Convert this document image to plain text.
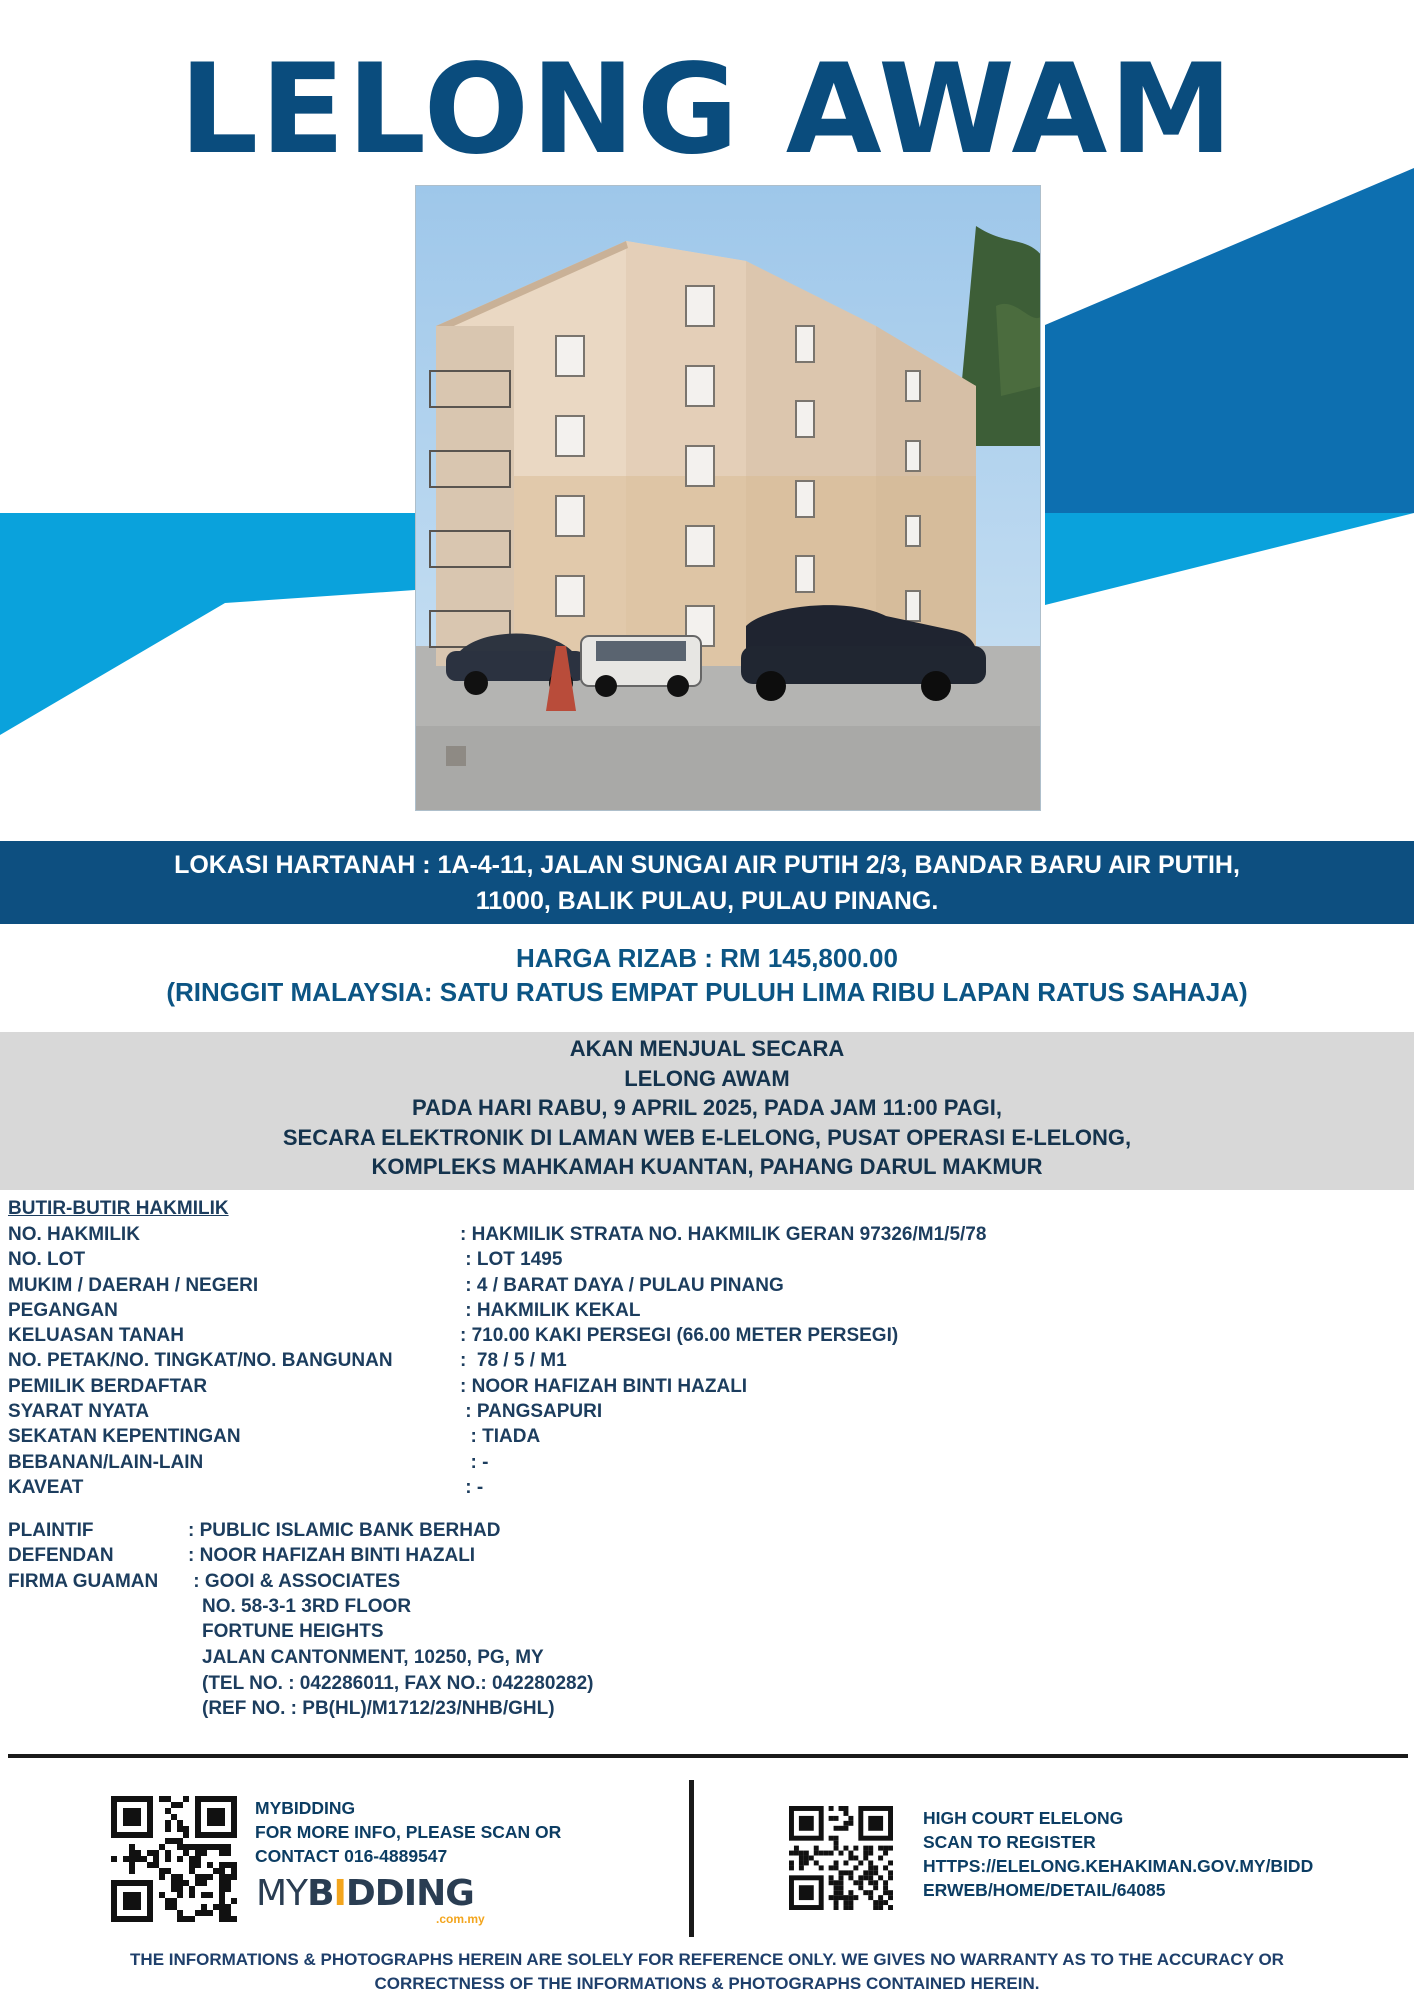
LELONG AWAM
LOKASI HARTANAH : 1A-4-11, JALAN SUNGAI AIR PUTIH 2/3, BANDAR BARU AIR PUTIH,
11000, BALIK PULAU, PULAU PINANG.
HARGA RIZAB : RM 145,800.00
(RINGGIT MALAYSIA: SATU RATUS EMPAT PULUH LIMA RIBU LAPAN RATUS SAHAJA)
AKAN MENJUAL SECARA
LELONG AWAM
PADA HARI RABU, 9 APRIL 2025, PADA JAM 11:00 PAGI,
SECARA ELEKTRONIK DI LAMAN WEB E-LELONG, PUSAT OPERASI E-LELONG,
KOMPLEKS MAHKAMAH KUANTAN, PAHANG DARUL MAKMUR
BUTIR-BUTIR HAKMILIK
NO. HAKMILIK	: HAKMILIK STRATA NO. HAKMILIK GERAN 97326/M1/5/78
NO. LOT	: LOT 1495
MUKIM / DAERAH / NEGERI	: 4 / BARAT DAYA / PULAU PINANG
PEGANGAN	: HAKMILIK KEKAL
KELUASAN TANAH	: 710.00 KAKI PERSEGI (66.00 METER PERSEGI)
NO. PETAK/NO. TINGKAT/NO. BANGUNAN	:  78 / 5 / M1
PEMILIK BERDAFTAR	: NOOR HAFIZAH BINTI HAZALI
SYARAT NYATA	: PANGSAPURI
SEKATAN KEPENTINGAN	: TIADA
BEBANAN/LAIN-LAIN	: -
KAVEAT	: -
PLAINTIF	: PUBLIC ISLAMIC BANK BERHAD
DEFENDAN	: NOOR HAFIZAH BINTI HAZALI
FIRMA GUAMAN	: GOOI & ASSOCIATES
NO. 58-3-1 3RD FLOOR
FORTUNE HEIGHTS
JALAN CANTONMENT, 10250, PG, MY
(TEL NO. : 042286011, FAX NO.: 042280282)
(REF NO. : PB(HL)/M1712/23/NHB/GHL)
MYBIDDING
FOR MORE INFO, PLEASE SCAN OR
CONTACT 016-4889547
MYBIDDING
.com.my
HIGH COURT ELELONG
SCAN TO REGISTER
HTTPS://ELELONG.KEHAKIMAN.GOV.MY/BIDD
ERWEB/HOME/DETAIL/64085
THE INFORMATIONS & PHOTOGRAPHS HEREIN ARE SOLELY FOR REFERENCE ONLY. WE GIVES NO WARRANTY AS TO THE ACCURACY OR
CORRECTNESS OF THE INFORMATIONS & PHOTOGRAPHS CONTAINED HEREIN.
